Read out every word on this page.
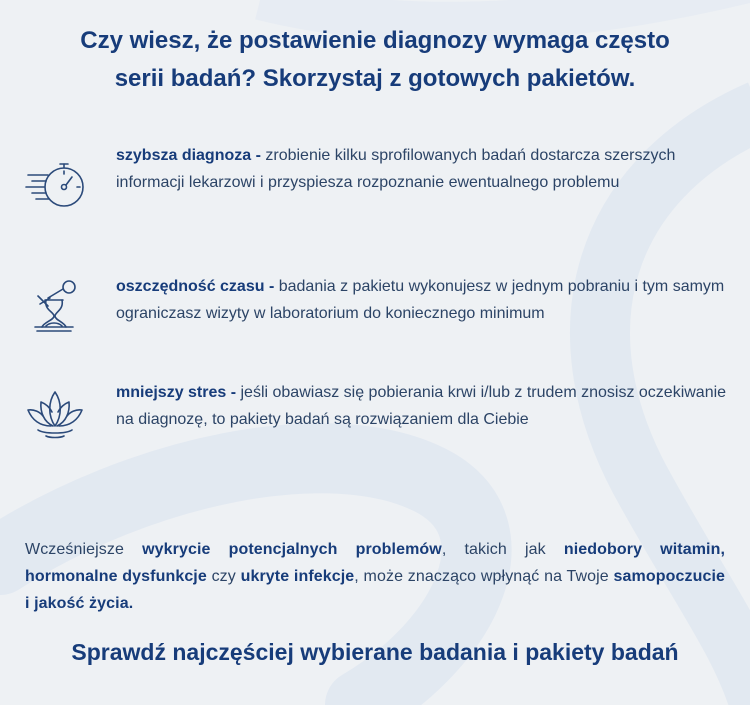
Czy wiesz, że postawienie diagnozy wymaga często
serii badań? Skorzystaj z gotowych pakietów.
szybsza diagnoza - zrobienie kilku sprofilowanych badań dostarcza szerszych informacji lekarzowi i przyspiesza rozpoznanie ewentualnego problemu
oszczędność czasu - badania z pakietu wykonujesz w jednym pobraniu i tym samym ograniczasz wizyty w laboratorium do koniecznego minimum
mniejszy stres - jeśli obawiasz się pobierania krwi i/lub z trudem znosisz oczekiwanie na diagnozę, to pakiety badań są rozwiązaniem dla Ciebie

Wcześniejsze wykrycie potencjalnych problemów, takich jak niedobory witamin, hormonalne dysfunkcje czy ukryte infekcje, może znacząco wpłynąć na Twoje samopoczucie i jakość życia.

Sprawdź najczęściej wybierane badania i pakiety badań
